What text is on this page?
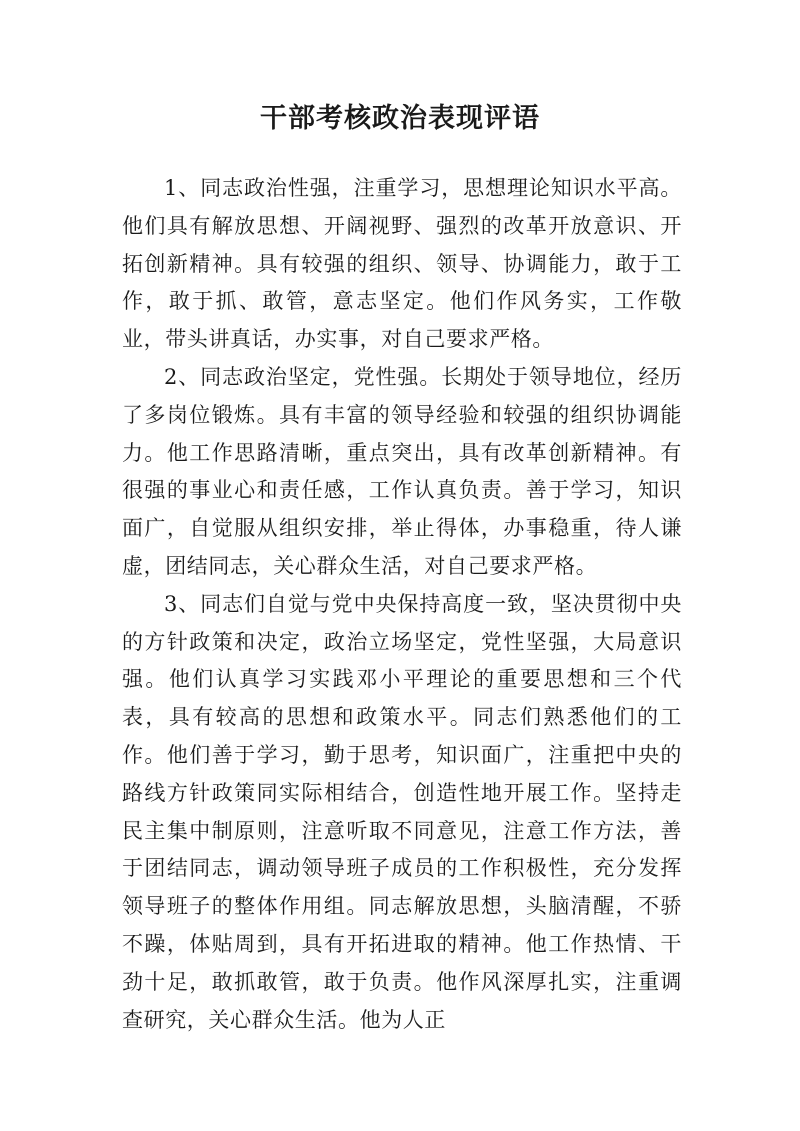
干部考核政治表现评语

1、同志政治性强，注重学习，思想理论知识水平高。他们具有解放思想、开阔视野、强烈的改革开放意识、开拓创新精神。具有较强的组织、领导、协调能力，敢于工作，敢于抓、敢管，意志坚定。他们作风务实，工作敬业，带头讲真话，办实事，对自己要求严格。

2、同志政治坚定，党性强。长期处于领导地位，经历了多岗位锻炼。具有丰富的领导经验和较强的组织协调能力。他工作思路清晰，重点突出，具有改革创新精神。有很强的事业心和责任感，工作认真负责。善于学习，知识面广，自觉服从组织安排，举止得体，办事稳重，待人谦虚，团结同志，关心群众生活，对自己要求严格。

3、同志们自觉与党中央保持高度一致，坚决贯彻中央的方针政策和决定，政治立场坚定，党性坚强，大局意识强。他们认真学习实践邓小平理论的重要思想和三个代表，具有较高的思想和政策水平。同志们熟悉他们的工作。他们善于学习，勤于思考，知识面广，注重把中央的路线方针政策同实际相结合，创造性地开展工作。坚持走民主集中制原则，注意听取不同意见，注意工作方法，善于团结同志，调动领导班子成员的工作积极性，充分发挥领导班子的整体作用组。同志解放思想，头脑清醒，不骄不躁，体贴周到，具有开拓进取的精神。他工作热情、干劲十足，敢抓敢管，敢于负责。他作风深厚扎实，注重调查研究，关心群众生活。他为人正
